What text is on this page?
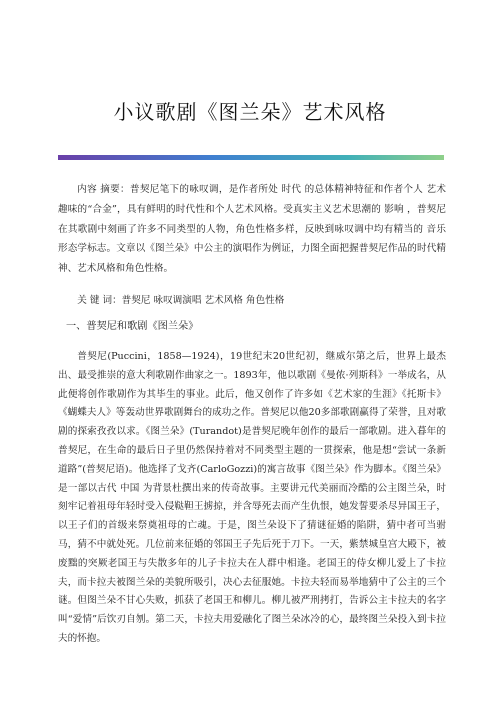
小议歌剧《图兰朵》艺术风格

内容 摘要：普契尼笔下的咏叹调，是作者所处 时代 的总体精神特征和作者个人 艺术 趣味的“合金”，具有鲜明的时代性和个人艺术风格。受真实主义艺术思潮的 影响 ，普契尼在其歌剧中刻画了许多不同类型的人物，角色性格多样，反映到咏叹调中均有精当的 音乐 形态学标志。文章以《图兰朵》中公主的演唱作为例证，力图全面把握普契尼作品的时代精神、艺术风格和角色性格。

关 键 词：普契尼 咏叹调演唱 艺术风格 角色性格

一、普契尼和歌剧《图兰朵》

普契尼(Puccini，1858—1924)，19世纪末20世纪初，继威尔第之后，世界上最杰出、最受推崇的意大利歌剧作曲家之一。1893年，他以歌剧《曼侬·列斯科》一举成名，从此便将创作歌剧作为其毕生的事业。此后，他又创作了许多如《艺术家的生涯》《托斯卡》《蝴蝶夫人》等轰动世界歌剧舞台的成功之作。普契尼以他20多部歌剧赢得了荣誉，且对歌剧的探索孜孜以求。《图兰朵》(Turandot)是普契尼晚年创作的最后一部歌剧。进入暮年的普契尼，在生命的最后日子里仍然保持着对不同类型主题的一贯探索，他是想“尝试一条新道路”(普契尼语)。他选择了戈齐(CarloGozzi)的寓言故事《图兰朵》作为脚本。《图兰朵》是一部以古代 中国 为背景杜撰出来的传奇故事。主要讲元代美丽而冷酷的公主图兰朵，时刻牢记着祖母年轻时受入侵鞑靼王掳掠，并含辱死去而产生仇恨，她发誓要杀尽异国王子，以王子们的首级来祭奠祖母的亡魂。于是，图兰朵设下了猜谜征婚的陷阱，猜中者可当驸马，猜不中就处死。几位前来征婚的邻国王子先后死于刀下。一天，紫禁城皇宫大殿下，被废黜的突厥老国王与失散多年的儿子卡拉夫在人群中相逢。老国王的侍女柳儿爱上了卡拉夫，而卡拉夫被图兰朵的美貌所吸引，决心去征服她。卡拉夫轻而易举地猜中了公主的三个谜。但图兰朵不甘心失败，抓获了老国王和柳儿。柳儿被严刑拷打，告诉公主卡拉夫的名字叫“爱情”后饮刃自刎。第二天，卡拉夫用爱融化了图兰朵冰冷的心，最终图兰朵投入到卡拉夫的怀抱。
